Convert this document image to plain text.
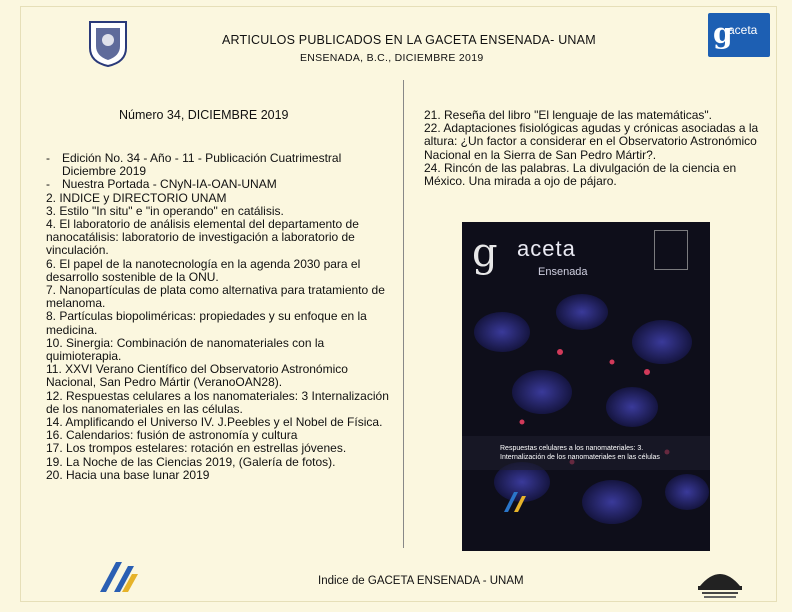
ARTICULOS PUBLICADOS EN LA GACETA ENSENADA- UNAM
ENSENADA, B.C., DICIEMBRE 2019
g
aceta
Número 34, DICIEMBRE 2019
-	Edición No. 34 - Año - 11 - Publicación Cuatrimestral Diciembre 2019
-	Nuestra Portada - CNyN-IA-OAN-UNAM
2. INDICE y DIRECTORIO UNAM
3. Estilo "In situ" e "in operando" en catálisis.
4. El laboratorio de análisis elemental del departamento de nanocatálisis: laboratorio de investigación a laboratorio de vinculación.
6. El papel de la nanotecnología en la agenda 2030 para el desarrollo sostenible de la ONU.
7. Nanopartículas de plata como alternativa para tratamiento de melanoma.
8. Partículas biopoliméricas: propiedades y su enfoque en la medicina.
10. Sinergia: Combinación de nanomateriales con la quimioterapia.
11. XXVI Verano Científico del Observatorio Astronómico Nacional, San Pedro Mártir (VeranoOAN28).
12. Respuestas celulares a los nanomateriales: 3 Internalización de los nanomateriales en las células.
14. Amplificando el Universo IV. J.Peebles y el Nobel de Física.
16. Calendarios: fusión de astronomía y cultura
17. Los trompos estelares: rotación en estrellas jóvenes.
19. La Noche de las Ciencias 2019, (Galería de fotos).
20. Hacia una base lunar 2019
21. Reseña del libro "El lenguaje de las matemáticas".
22. Adaptaciones fisiológicas agudas y crónicas asociadas a la altura: ¿Un factor a considerar en el Observatorio Astronómico Nacional en la Sierra de San Pedro Mártir?.
24. Rincón de las palabras. La divulgación de la ciencia en México. Una mirada a ojo de pájaro.
g aceta
Ensenada
Respuestas celulares a los nanomateriales: 3. Internalización de los nanomateriales en las células
Indice de GACETA ENSENADA - UNAM
